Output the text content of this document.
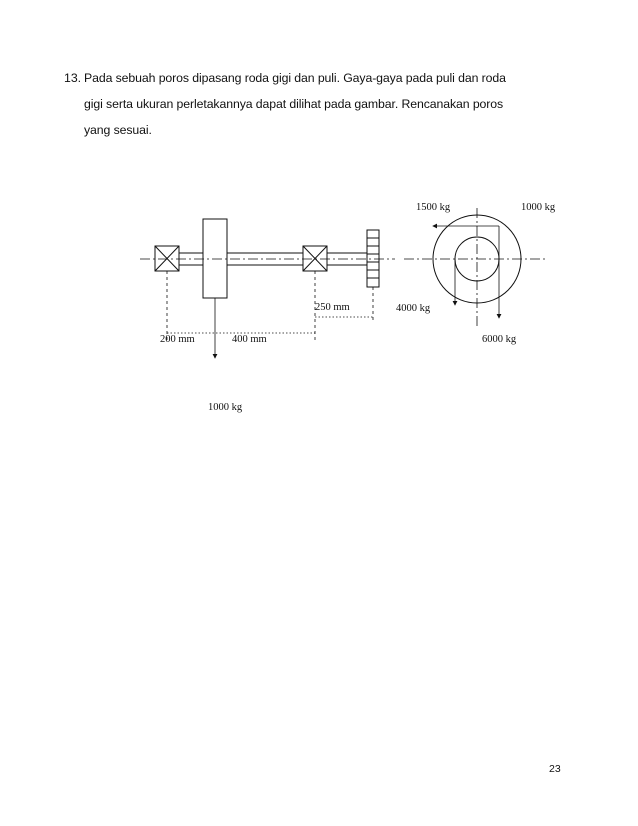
13. Pada sebuah poros dipasang roda gigi dan puli. Gaya-gaya pada puli dan roda
gigi serta ukuran perletakannya dapat dilihat pada gambar. Rencanakan poros
yang sesuai.
200 mm	400 mm
250 mm
1000 kg
1500 kg	1000 kg
4000 kg
6000 kg
23
